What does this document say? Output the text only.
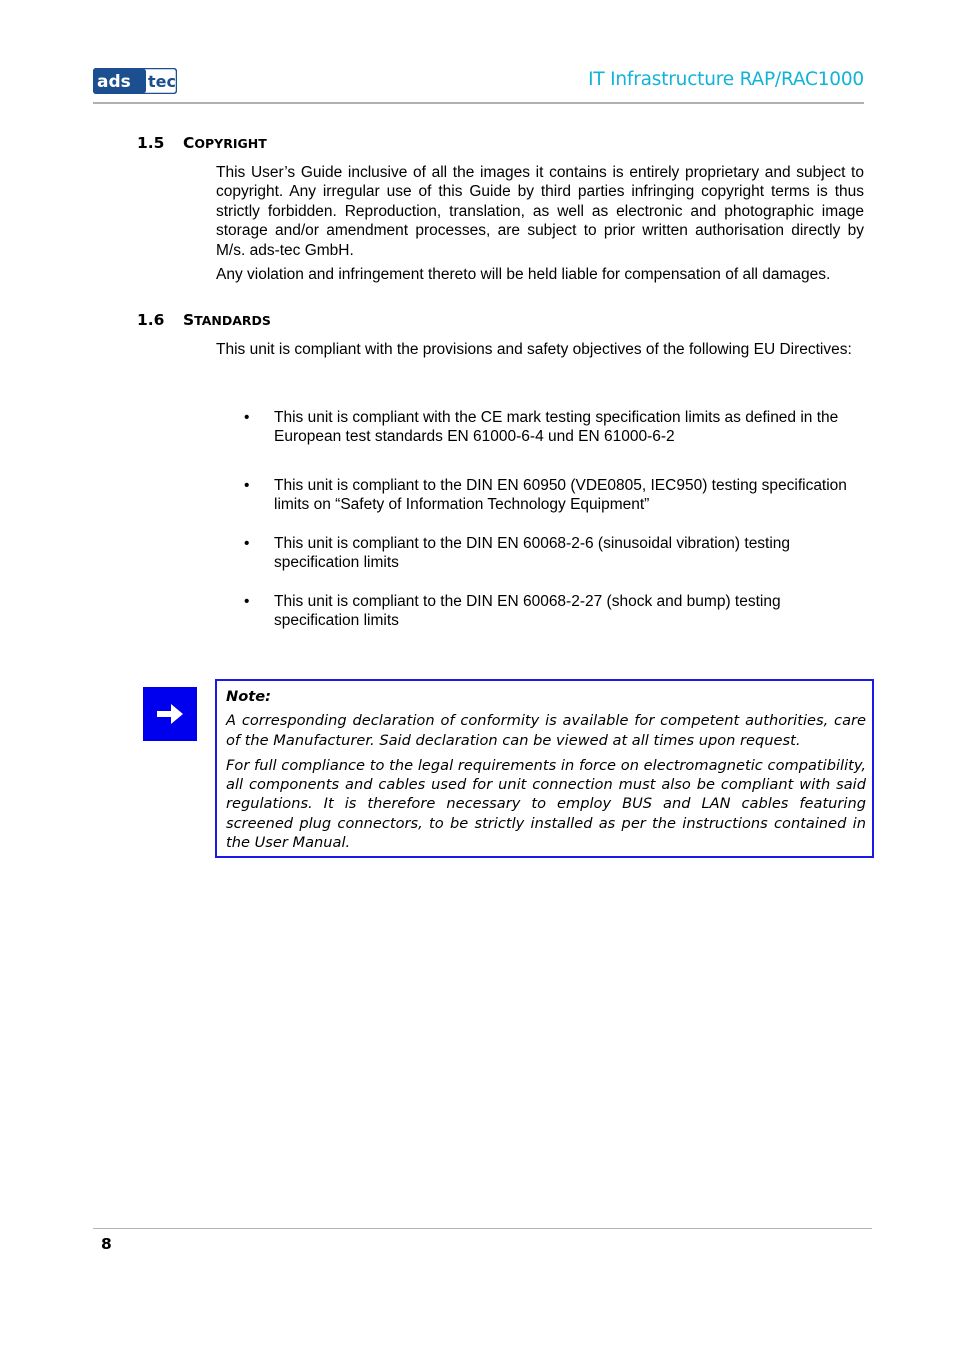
ads tec	IT Infrastructure RAP/RAC1000
1.5 COPYRIGHT
This User’s Guide inclusive of all the images it contains is entirely proprietary and subject to copyright. Any irregular use of this Guide by third parties infringing copyright terms is thus strictly forbidden. Reproduction, translation, as well as electronic and photographic image storage and/or amendment processes, are subject to prior written authorisation directly by M/s. ads-tec GmbH.
Any violation and infringement thereto will be held liable for compensation of all damages.
1.6 STANDARDS
This unit is compliant with the provisions and safety objectives of the following EU Directives:
•	This unit is compliant with the CE mark testing specification limits as defined in the European test standards EN 61000-6-4 und EN 61000-6-2
•	This unit is compliant to the DIN EN 60950 (VDE0805, IEC950) testing specification limits on “Safety of Information Technology Equipment”
•	This unit is compliant to the DIN EN 60068-2-6 (sinusoidal vibration) testing specification limits
•	This unit is compliant to the DIN EN 60068-2-27 (shock and bump) testing specification limits
Note:

A corresponding declaration of conformity is available for competent authorities, care of the Manufacturer. Said declaration can be viewed at all times upon request.

For full compliance to the legal requirements in force on electromagnetic compatibility, all components and cables used for unit connection must also be compliant with said regulations. It is therefore necessary to employ BUS and LAN cables featuring screened plug connectors, to be strictly installed as per the instructions contained in the User Manual.

8
